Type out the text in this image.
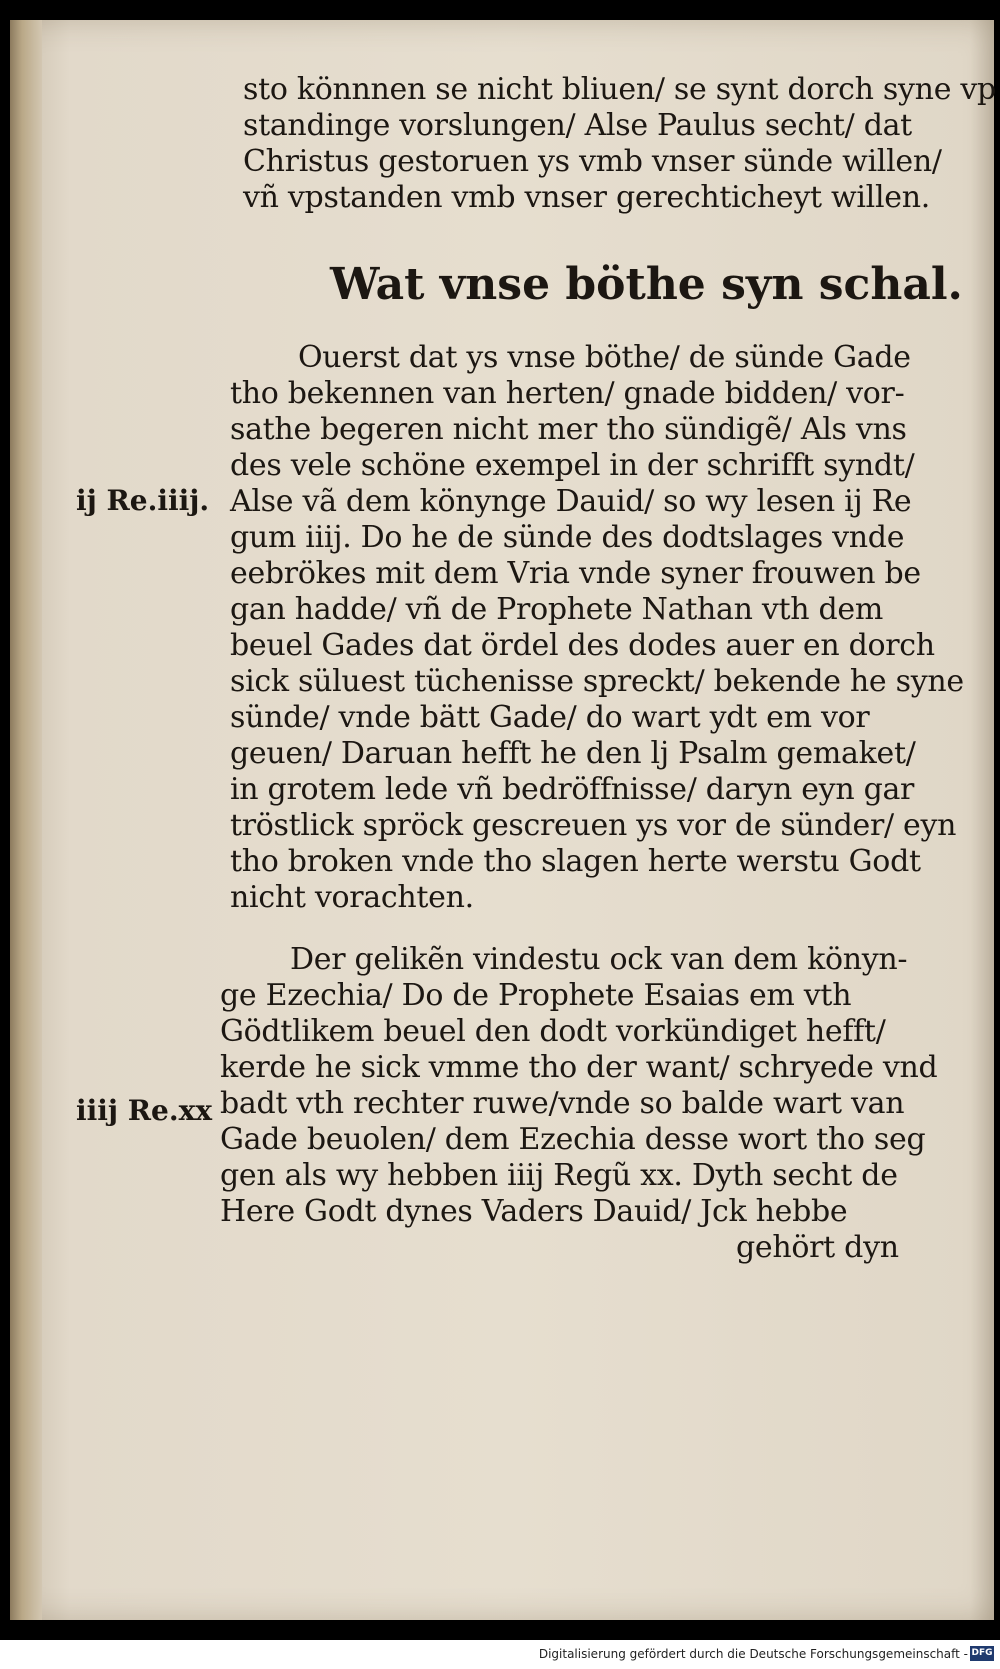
sto könnnen se nicht bliuen/ se synt dorch syne vp
standinge vorslungen/ Alse Paulus secht/ dat
Christus gestoruen ys vmb vnser sünde willen/
vñ vpstanden vmb vnser gerechticheyt willen.
Wat vnse böthe syn schal.
Ouerst dat ys vnse böthe/ de sünde Gade
tho bekennen van herten/ gnade bidden/ vor-
sathe begeren nicht mer tho sündigẽ/ Als vns
des vele schöne exempel in der schrifft syndt/
Alse vã dem könynge Dauid/ so wy lesen ij Re
gum iiij. Do he de sünde des dodtslages vnde
eebrökes mit dem Vria vnde syner frouwen be
gan hadde/ vñ de Prophete Nathan vth dem
beuel Gades dat ördel des dodes auer en dorch
sick süluest tüchenisse spreckt/ bekende he syne
sünde/ vnde bätt Gade/ do wart ydt em vor
geuen/ Daruan hefft he den lj Psalm gemaket/
in grotem lede vñ bedröffnisse/ daryn eyn gar
tröstlick spröck gescreuen ys vor de sünder/ eyn
tho broken vnde tho slagen herte werstu Godt
nicht vorachten.
Der gelikẽn vindestu ock van dem könyn-
ge Ezechia/ Do de Prophete Esaias em vth
Gödtlikem beuel den dodt vorkündiget hefft/
kerde he sick vmme tho der want/ schryede vnd
badt vth rechter ruwe/vnde so balde wart van
Gade beuolen/ dem Ezechia desse wort tho seg
gen als wy hebben iiij Regũ xx. Dyth secht de
Here Godt dynes Vaders Dauid/ Jck hebbe
gehört dyn
ij Re.iiij.
iiij Re.xx
Digitalisierung gefördert durch die Deutsche Forschungsgemeinschaft - DFG
